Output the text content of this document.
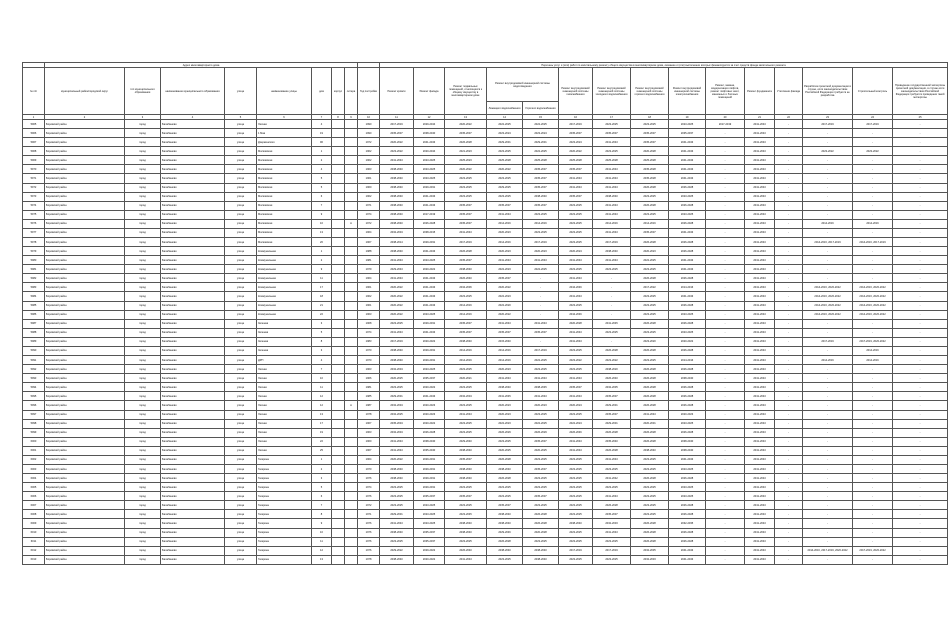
	Адрес многоквартирного дома									Перечень услуг и (или) работ по капитальному ремонту общего имущества в многоквартирном доме, оказание и (или) выполнение которых финансируется за счет средств фонда капитального ремонта														
№ п/п	муниципальный район/городской округ	тип муниципального образования	наименование муниципального образования	улица	наименование улицы	дом	корпус	литера	Год постройки	Ремонт кровли	Ремонт фасада	Ремонт подвальных помещений, относящихся к общему имуществу в многоквартирном доме	Ремонт внутридомовой инженерной системы водоотведения		Ремонт внутридомовой инженерной системы газоснабжения	Ремонт внутридомовой инженерной системы холодного водоснабжения	Ремонт внутридомовой инженерной системы горячего водоснабжения	Ремонт внутридомовой инженерной системы электроснабжения	Ремонт, замена, модернизация лифтов, ремонт лифтовых шахт, машинных и блочных помещений	Ремонт фундамента	Утепление фасада	Разработка проектной документации в случае, если законодательством Российской Федерации требуется ее разработка	Строительный контроль	Проведение государственной экспертизы проектной документации, в случае если законодательством Российской Федерации требуется проведение такой экспертизы
													Лежащего водоснабжения	Горячего водоснабжения										
1	2	3	4	5	6	7	8	9	10	11	12	13	14	15	16	17	18	19	20	21	22	23	24	25
5965	Боровский район	город	Балабаново	улица	Лесная	4			1990	2017-2019	2029-2044	2020-2022	2022-2025	2022-2025	2017-2019	2023-2025	2023-2025	2023-2025	2017-2019	2041-2043	-	2017-2019	2017-2019	-
5966	Боровский район	город	Балабаново	улица	1 Мая	19			1990	2035-2037	2038-2040	2035-2037	2023-2024	2023-2024	2035-2037	2035-2037	2035-2037	2035-2037	-	2041-2043	-	-	-	-
5967	Боровский район	город	Балабаново	улица	Дзержинского	96			1972	2020-2022	2041-2043	2026-2028	2029-2031	2029-2031	2023-2024	2041-2043	2035-2037	2041-2043	-	2041-2043	-	-	-	-
5968	Боровский район	город	Балабаново	улица	Московская	1			1962	2023-2022	2020-2044	2021-2023	2023-2025	2022-2025	2020-2022	2023-2025	2020-2028	2041-2043	-	2041-2043	-	2023-2022	2023-2022	-
5969	Боровский район	город	Балабаново	улица	Московская	2			1962	2041-2043	2023-2025	2025-2023	2025-2028	2025-2028	2025-2028	2025-2028	2025-2028	2041-2043	-	2041-2043	-	-	-	-
5970	Боровский район	город	Балабаново	улица	Московская	4			1963	2038-2040	2023-2025	2020-2022	2020-2022	2035-2037	2035-2037	2041-2043	2035-2028	2041-2043	-	2041-2043	-	-	-	-
5971	Боровский район	город	Балабаново	улица	Московская	5			1961	2038-2040	2023-2025	2023-2025	2023-2025	2035-2037	2041-2043	2041-2043	2035-2028	2041-2043	-	2041-2043	-	-	-	-
5972	Боровский район	город	Балабаново	улица	Московская	5			1960	2038-2040	2029-2031	2023-2025	2029-2025	2035-2037	2041-2043	2041-2043	2026-2028	2026-2028	-	2041-2043	-	-	-	-
5973	Боровский район	город	Балабаново	улица	Московская	6			1962	2038-2040	2041-2043	2023-2025	2023-2025	2038-2040	2035-2037	2038-2040	2023-2025	2023-2025	-	2041-2043	-	-	-	-
5974	Боровский район	город	Балабаново	улица	Московская	7			1971	2038-2040	2041-2043	2035-2037	2035-2037	2035-2037	2023-2025	2041-2043	2026-2028	2026-2028	-	2041-2043	-	-	-	-
5975	Боровский район	город	Балабаново	улица	Московская	9			1974	2038-2040	2017-2019	2035-2037	2041-2043	2023-2025	2023-2025	2041-2043	2023-2025	2023-2025	-	2041-2043	-	-	-	-
5976	Боровский район	город	Балабаново	улица	Московская	10		А	1972	2038-2040	2026-2028	2035-2037	2014-2016	2014-2016	2023-2025	2014-2016	2014-2016	2026-2028	-	2041-2043	-	2014-2016	2014-2016	-
5977	Боровский район	город	Балабаново	улица	Московская	13			1964	2032-2034	2038-2015	2041-2043	2020-2023	2023-2025	2023-2025	2041-2043	2035-2037	2041-2043	-	2041-2043	-	-	-	-
5978	Боровский район	город	Балабаново	улица	Московская	20			1967	2038-2014	2029-2031	2017-2019	2014-2016	2017-2019	2023-2025	2017-2019	2026-2028	2026-2028	-	2041-2043	-	2014-2016, 2017-2019	2014-2016, 2017-2019	-
5979	Боровский район	город	Балабаново	улица	Коммунальная	1			1988	2038-2040	2041-2043	2026-2028	2020-2023	2020-2023	2020-2024	2038-2040	2020-2023	2026-2028	-	2041-2043	-	-	-	-
5980	Боровский район	город	Балабаново	улица	Коммунальная	2			1981	2041-2043	2023-2025	2035-2037	2041-2043	2041-2043	2041-2043	2041-2043	2022-2025	2041-2043	-	2041-2043	-	-	-	-
5981	Боровский район	город	Балабаново	улица	Коммунальная	9			1979	2029-2043	2020-2022	2038-2040	2022-2023	2022-2025	2023-2025	2023-2025	2023-2025	2041-2043	-	2041-2043	-	-	-	-
5982	Боровский район	город	Балабаново	улица	Коммунальная	11			1964	2041-2043	2041-2043	2026-2040	2035-2037	-	2041-2043	-	2026-2028	2026-2028	-	2041-2043	-	-	-	-
5983	Боровский район	город	Балабаново	улица	Коммунальная	17			1961	2020-2022	2041-2043	2034-2036	2020-2022	-	2044-2046	-	2017-2022	2014-2016	-	2041-2043	-	2014-2016, 2020-2022	2014-2016, 2020-2022	-
5984	Боровский район	город	Балабаново	улица	Коммунальная	18			1962	2020-2022	2041-2043	2023-2025	2022-2023	-	2041-2043	-	2023-2025	2041-2043	-	2041-2043	-	2014-2016, 2020-2022	2014-2016, 2020-2022	-
5985	Боровский район	город	Балабаново	улица	Коммунальная	21			1961	2020-2022	2041-2043	2014-2016	2022-2020	-	2023-2025	-	2023-2025	2026-2028	-	2041-2043	-	2014-2016, 2020-2022	2014-2016, 2020-2022	-
5986	Боровский район	город	Балабаново	улица	Коммунальная	22			1963	2020-2022	2023-2025	2014-2016	2020-2022	-	2044-2046	-	2023-2025	2023-2025	-	2041-2043	-	2014-2016, 2020-2022	2014-2016, 2020-2022	-
5987	Боровский район	город	Балабаново	улица	Зеленая	3			1968	2023-2025	2029-2031	2035-2037	2041-2043	2041-2043	2020-2028	2041-2045	2026-2028	2026-2028	-	2041-2043	-	-	-	-
5988	Боровский район	город	Балабаново	улица	Зеленая	5			1974	2041-2043	2041-2043	2035-2037	2035-2037	2035-2037	2041-2043	2023-2025	2023-2025	2023-2025	-	2041-2043	-	-	-	-
5989	Боровский район	город	Балабаново	улица	Зеленая	8			1983	2017-2019	2020-2022	2038-2040	2015-2040	-	2041-2043	-	2023-2020	2020-2022	-	2041-2043	-	2017-2019	2017-2019, 2020-2022	-
5990	Боровский район	город	Балабаново	улица	Зеленая	3			1970	2038-2040	2029-2031	2014-2016	2014-2016	2017-2019	2023-2025	2026-2028	2026-2028	2026-2028	-	2041-2043	-	-	2014-2016	-
5991	Боровский район	город	Балабаново	улица	ДРП	4			1970	2038-2040	2029-2031	2014-2016	2014-2016	2022-2025	2023-2022	2023-2022	2023-2025	2014-2016	-	2041-2043	-	2014-2016	2014-2016	-
5992	Боровский район	город	Балабаново	улица	Лесная	7			1963	2032-2034	2023-2025	2023-2025	2020-2023	2023-2025	2023-2025	2038-2020	2026-2028	2026-2028	-	2041-2043	-	-	-	-
5993	Боровский район	город	Балабаново	улица	Лесная	10			1966	2020-2025	2035-2037	2020-2021	2041-2043	2041-2043	2041-2043	2026-2040	2026-2028	2038-2040	-	2041-2043	-	-	-	-
5994	Боровский район	город	Балабаново	улица	Лесная	11			1981	2023-2025	2020-2022	2023-2025	2038-2040	2038-2045	2035-2037	2032-2035	2026-2028	2026-2028	-	2041-2043	-	-	-	-
5995	Боровский район	город	Балабаново	улица	Лесная	12			1985	2029-2031	2041-2043	2032-2034	2041-2045	2041-2043	2041-2043	2035-2037	2026-2028	2026-2028	-	2041-2043	-	-	-	-
5996	Боровский район	город	Балабаново	улица	Лесная	12		А	1987	2032-2034	2020-2023	2023-2025	2020-2023	2020-2023	2020-2024	2029-2031	2026-2028	2026-2028	-	2041-2043	-	-	-	-
5997	Боровский район	город	Балабаново	улица	Лесная	13			1978	2032-2025	2020-2023	2041-2043	2020-2023	2023-2025	2023-2025	2035-2037	2041-2043	2020-2023	-	2041-2043	-	-	-	-
5998	Боровский район	город	Балабаново	улица	Лесная	17			1967	2035-2034	2020-2022	2023-2025	2022-2023	2022-2025	2022-2024	2029-2031	2020-2031	2023-2025	-	2041-2043	-	-	-	-
5999	Боровский район	город	Балабаново	улица	Лесная	19			1963	2032-2034	2026-2028	2023-2025	2026-2029	2026-2029	2026-2046	2026-2028	2026-2028	2026-2028	-	2041-2043	-	-	-	-
6000	Боровский район	город	Балабаново	улица	Лесная	22			1960	2041-2043	2038-2040	2029-2040	2023-2025	2035-2037	2041-2043	2035-2040	2026-2028	2038-2040	-	2041-2043	-	-	-	-
6001	Боровский район	город	Балабаново	улица	Лесная	25			1967	2041-2043	2035-2040	2038-2040	2020-2025	2020-2025	2041-2043	2026-2028	2038-2040	2038-2040	-	2041-2043	-	-	-	-
6002	Боровский район	город	Балабаново	улица	Гагарина	1			1964	2020-2022	2029-2031	2035-2037	2026-2028	2023-2025	2023-2025	2041-2043	2023-2025	2041-2043	-	2041-2043	-	-	-	-
6003	Боровский район	город	Балабаново	улица	Гагарина	2			1970	2038-2040	2029-2031	2038-2040	2038-2040	2035-2037	2023-2025	2023-2025	2023-2025	2023-2025	-	2041-2043	-	-	-	-
6004	Боровский район	город	Балабаново	улица	Гагарина	3			1976	2038-2040	2029-2031	2038-2040	2026-2028	2023-2025	2023-2025	2041-2042	2026-2028	2026-2028	-	2041-2043	-	-	-	-
6005	Боровский район	город	Балабаново	улица	Гагарина	5			1974	2023-2025	2029-2031	2023-2025	2023-2025	2023-2025	2023-2025	2023-2025	2023-2025	2023-2025	-	2041-2043	-	-	-	-
6006	Боровский район	город	Балабаново	улица	Гагарина	6			1976	2023-2025	2035-2037	2035-2037	2023-2025	2035-2037	2023-2025	2041-2043	2023-2025	2023-2025	-	2041-2043	-	-	-	-
6007	Боровский район	город	Балабаново	улица	Гагарина	7			1972	2023-2025	2023-2025	2023-2025	2035-2037	2023-2025	2023-2025	2026-2028	2023-2025	2026-2028	-	2041-2043	-	-	-	-
6008	Боровский район	город	Балабаново	улица	Гагарина	8			1971	2029-2031	2023-2025	2023-2045	2038-2040	2026-2028	2023-2025	2035-2037	2023-2025	2026-2028	-	2041-2043	-	-	-	-
6009	Боровский район	город	Балабаново	улица	Гагарина	9			1976	2041-2043	2023-2025	2038-2040	2038-2040	2026-2028	2038-2040	2032-2033	2026-2028	2032-2035	-	2041-2043	-	-	-	-
6010	Боровский район	город	Балабаново	улица	Гагарина	10			1976	2038-2040	2035-2037	2038-2040	2029-2046	2020-2028	2023-2025	2041-2043	2026-2028	2026-2028	-	2041-2043	-	-	-	-
6011	Боровский район	город	Балабаново	улица	Гагарина	11			1976	2023-2025	2035-2037	2023-2025	2026-2028	2023-2025	2023-2025	2023-2025	2026-2028	2026-2028	-	2041-2043	-	-	-	-
6012	Боровский район	город	Балабаново	улица	Гагарина	12			1976	2029-2022	2029-2022	2026-2040	2038-2040	2038-2040	2017-2019	2017-2019	2032-2035	2041-2043	-	2041-2043	-	2014-2016, 2017-2019, 2020-2022	2017-2019, 2020-2022	-
6013	Боровский район	город	Балабаново	улица	Гагарина	13			1978	2038-2040	2020-2022	2041-2043	2023-2025	2038-2040	2023-2025	2023-2025	2032-2033	2041-2043	-	2041-2043	-	-	-	-
